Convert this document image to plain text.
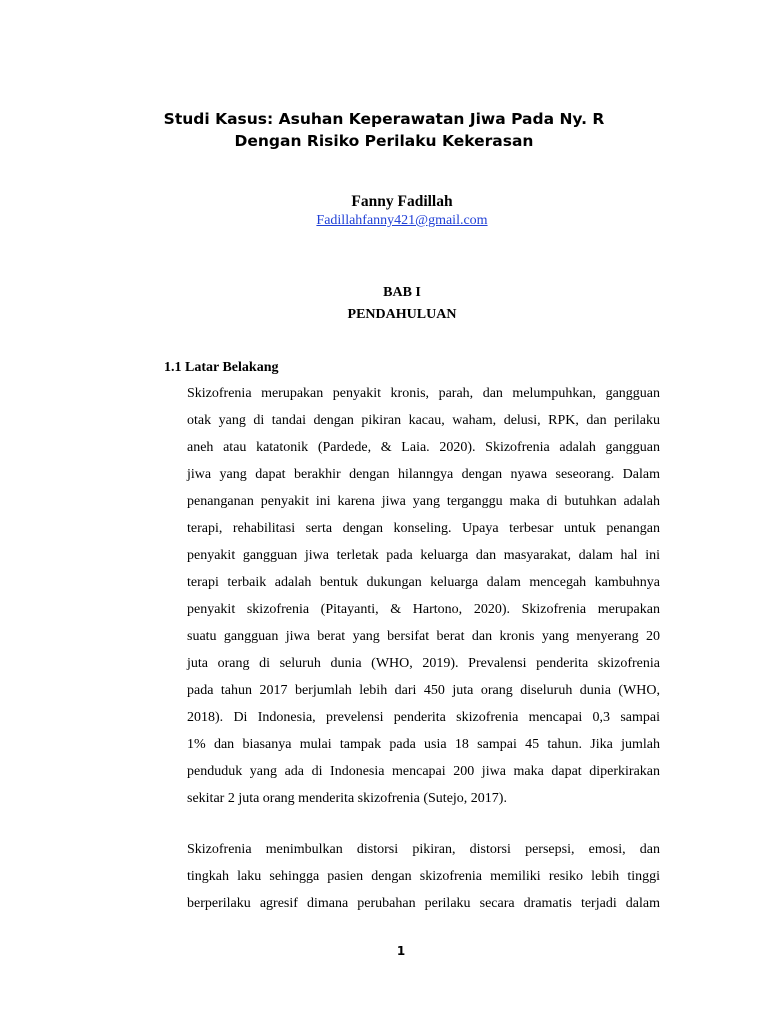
Studi Kasus: Asuhan Keperawatan Jiwa Pada Ny. R
Dengan Risiko Perilaku Kekerasan
Fanny Fadillah
Fadillahfanny421@gmail.com
BAB I
PENDAHULUAN
1.1 Latar Belakang
Skizofrenia merupakan penyakit kronis, parah, dan melumpuhkan, gangguan
otak yang di tandai dengan pikiran kacau, waham, delusi, RPK, dan perilaku
aneh atau katatonik (Pardede, & Laia. 2020). Skizofrenia adalah gangguan
jiwa yang dapat berakhir dengan hilanngya dengan nyawa seseorang. Dalam
penanganan penyakit ini karena jiwa yang terganggu maka di butuhkan adalah
terapi, rehabilitasi serta dengan konseling. Upaya terbesar untuk penangan
penyakit gangguan jiwa terletak pada keluarga dan masyarakat, dalam hal ini
terapi terbaik adalah bentuk dukungan keluarga dalam mencegah kambuhnya
penyakit skizofrenia (Pitayanti, & Hartono, 2020). Skizofrenia merupakan
suatu gangguan jiwa berat yang bersifat berat dan kronis yang menyerang 20
juta orang di seluruh dunia (WHO, 2019). Prevalensi penderita skizofrenia
pada tahun 2017 berjumlah lebih dari 450 juta orang diseluruh dunia (WHO,
2018). Di Indonesia, prevelensi penderita skizofrenia mencapai 0,3 sampai
1% dan biasanya mulai tampak pada usia 18 sampai 45 tahun. Jika jumlah
penduduk yang ada di Indonesia mencapai 200 jiwa maka dapat diperkirakan
sekitar 2 juta orang menderita skizofrenia (Sutejo, 2017).
Skizofrenia menimbulkan distorsi pikiran, distorsi persepsi, emosi, dan
tingkah laku sehingga pasien dengan skizofrenia memiliki resiko lebih tinggi
berperilaku agresif dimana perubahan perilaku secara dramatis terjadi dalam
1
